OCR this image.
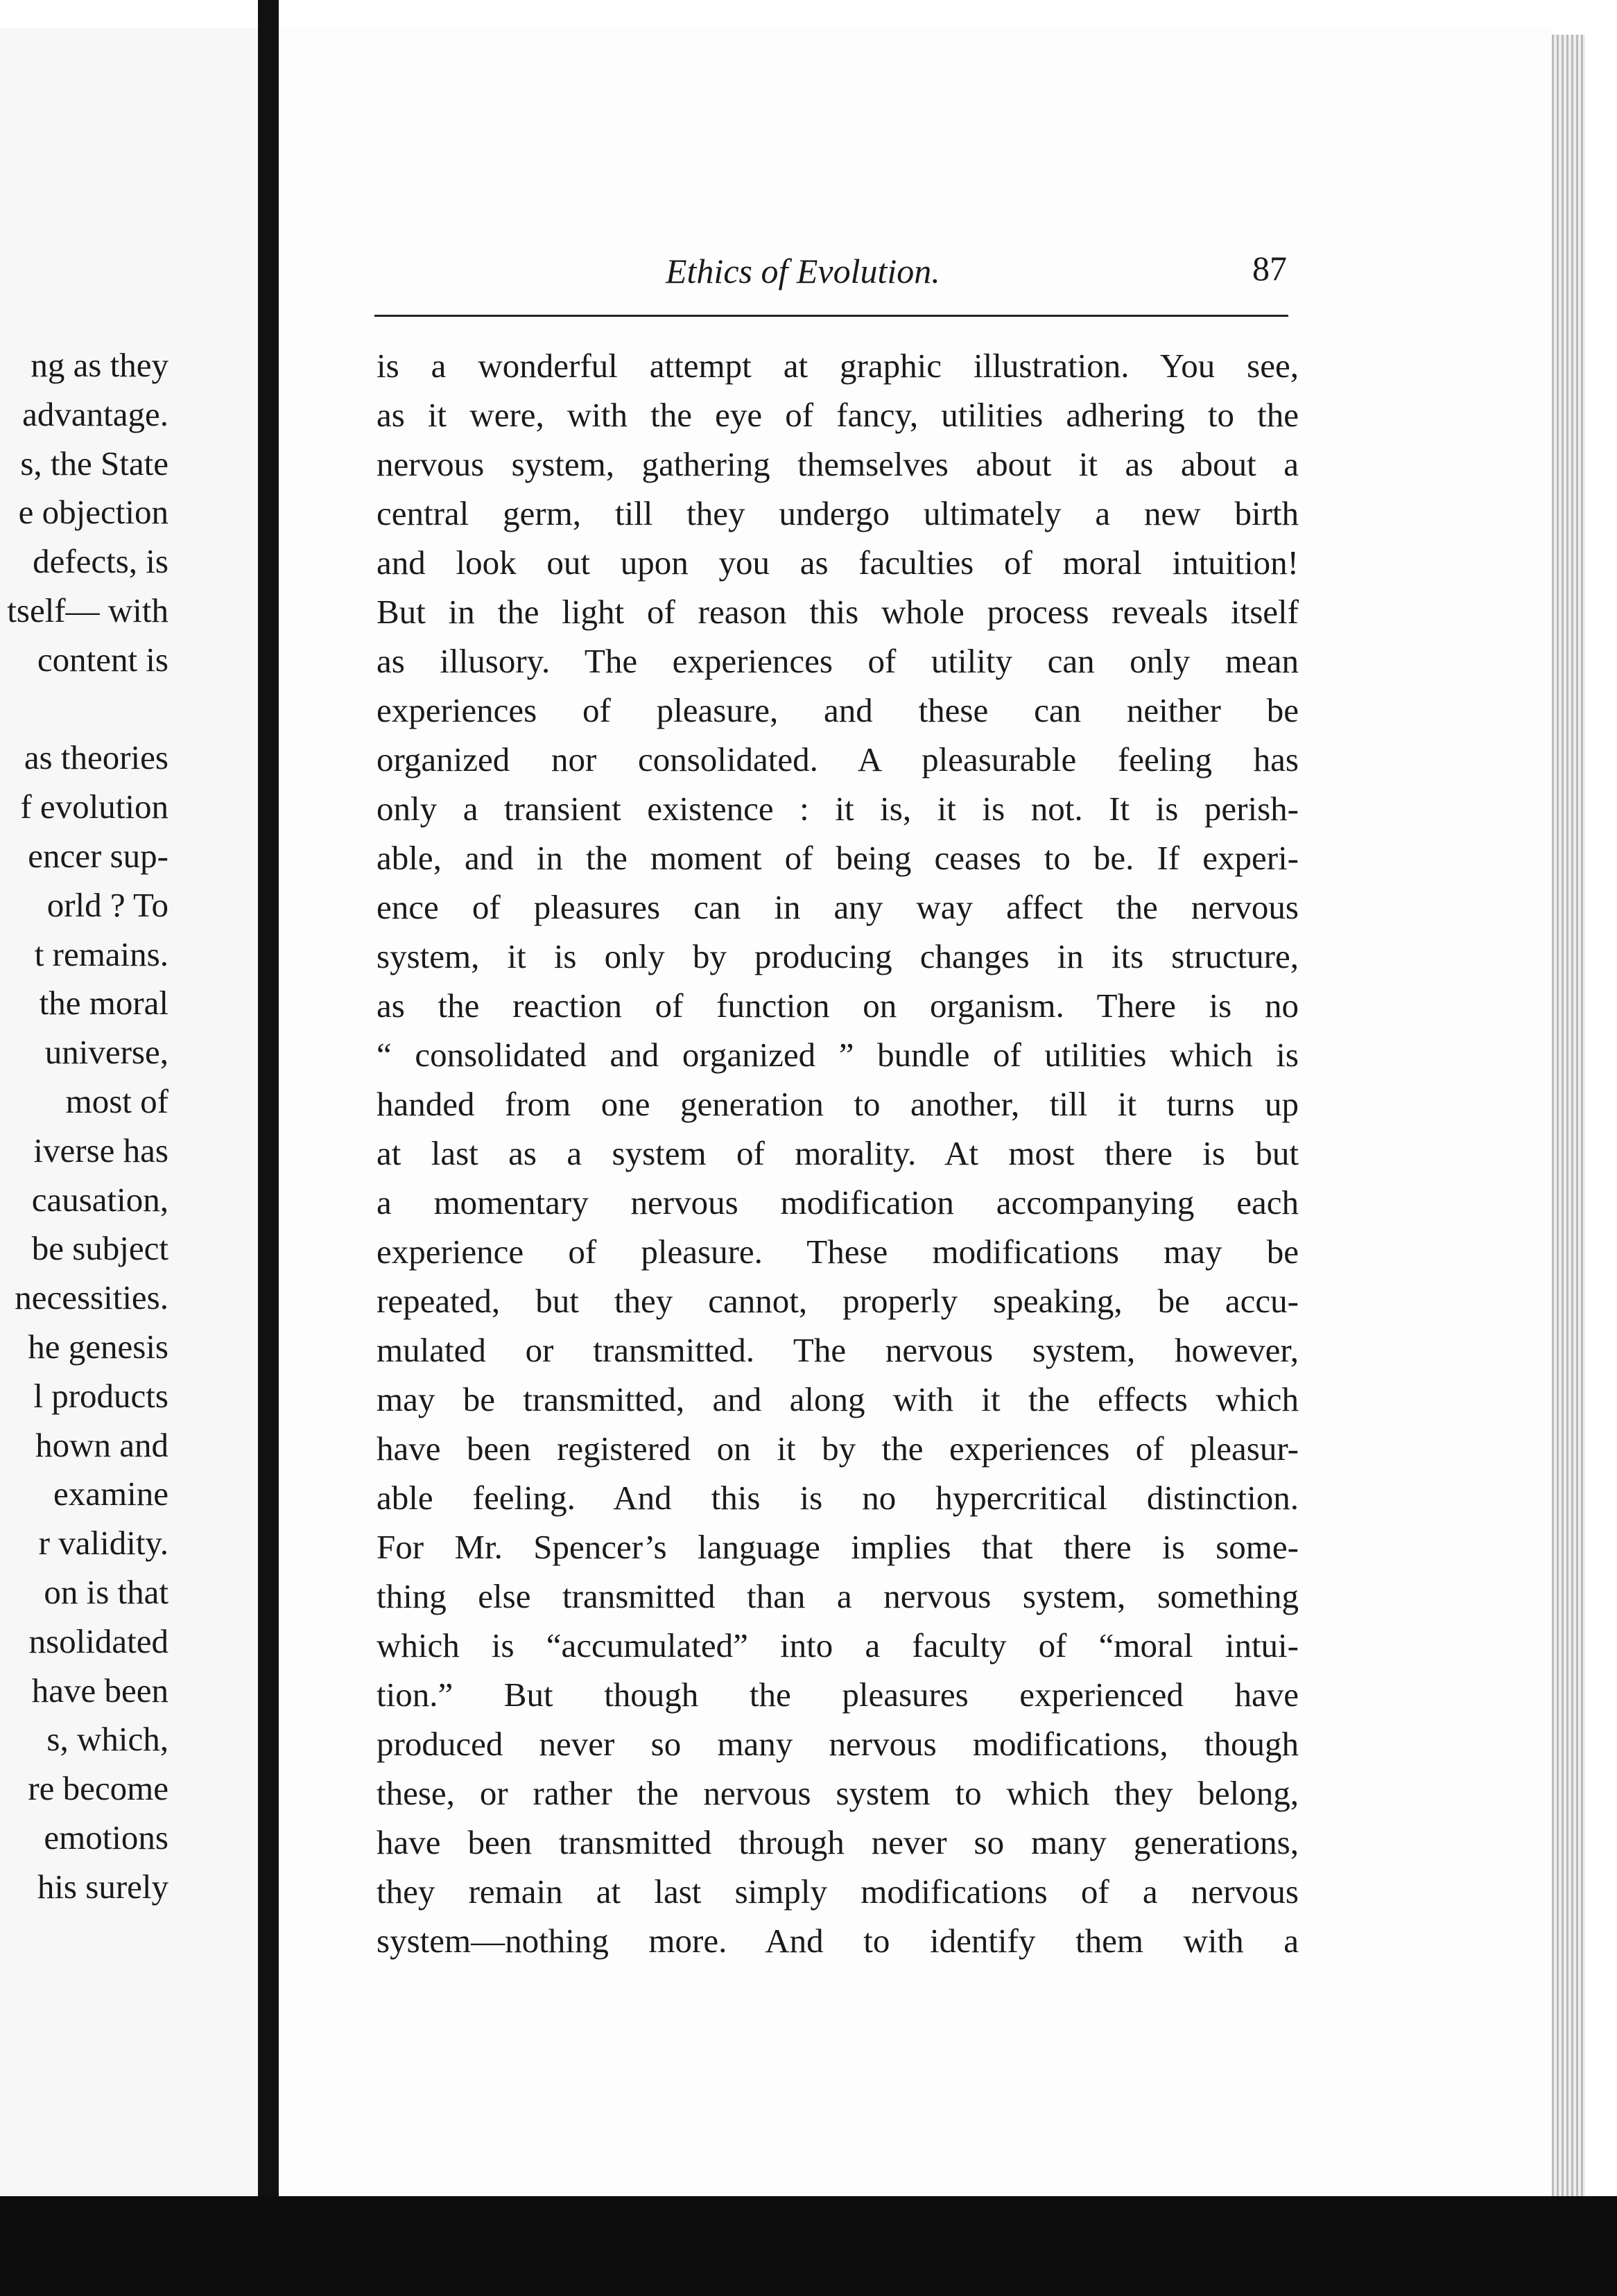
ng as they
advantage.
s, the State
e objection
defects, is
tself— with
content is
as theories
f evolution
encer sup-
orld ? To
t remains.
the moral
universe,
most of
iverse has
causation,
be subject
necessities.
he genesis
l products
hown and
examine
r validity.
on is that
nsolidated
have been
s, which,
re become
emotions
his surely
Ethics of Evolution.	87
is a wonderful attempt at graphic illustration. You see,
as it were, with the eye of fancy, utilities adhering to the
nervous system, gathering themselves about it as about a
central germ, till they undergo ultimately a new birth
and look out upon you as faculties of moral intuition!
But in the light of reason this whole process reveals itself
as illusory. The experiences of utility can only mean
experiences of pleasure, and these can neither be
organized nor consolidated. A pleasurable feeling has
only a transient existence : it is, it is not. It is perish-
able, and in the moment of being ceases to be. If experi-
ence of pleasures can in any way affect the nervous
system, it is only by producing changes in its structure,
as the reaction of function on organism. There is no
“ consolidated and organized ” bundle of utilities which is
handed from one generation to another, till it turns up
at last as a system of morality. At most there is but
a momentary nervous modification accompanying each
experience of pleasure. These modifications may be
repeated, but they cannot, properly speaking, be accu-
mulated or transmitted. The nervous system, however,
may be transmitted, and along with it the effects which
have been registered on it by the experiences of pleasur-
able feeling. And this is no hypercritical distinction.
For Mr. Spencer’s language implies that there is some-
thing else transmitted than a nervous system, something
which is “accumulated” into a faculty of “moral intui-
tion.” But though the pleasures experienced have
produced never so many nervous modifications, though
these, or rather the nervous system to which they belong,
have been transmitted through never so many generations,
they remain at last simply modifications of a nervous
system—nothing more. And to identify them with a
